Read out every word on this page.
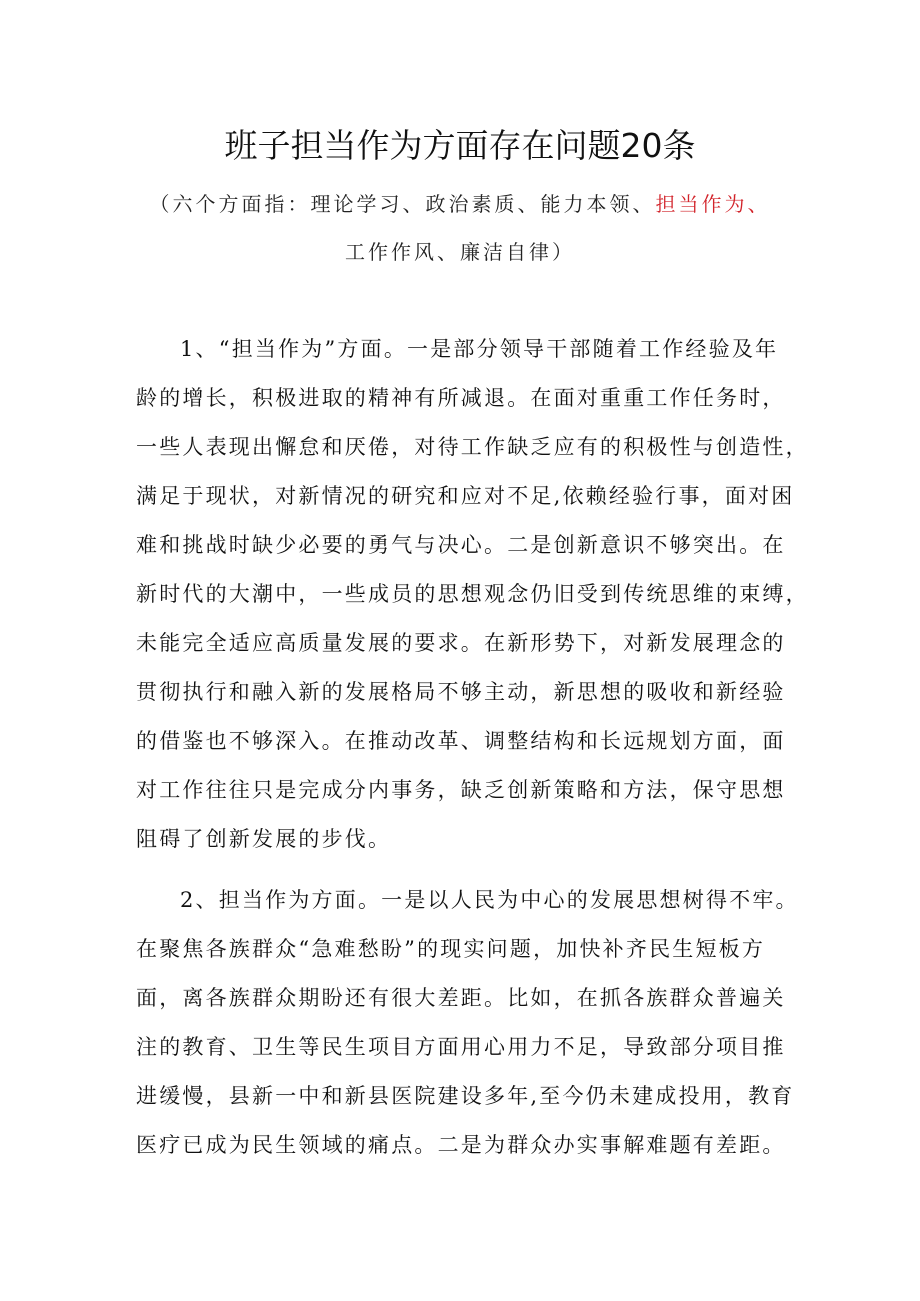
班子担当作为方面存在问题20条
（六个方面指：理论学习、政治素质、能力本领、担当作为、
工作作风、廉洁自律）
1、“担当作为”方面。一是部分领导干部随着工作经验及年
龄的增长，积极进取的精神有所减退。在面对重重工作任务时，
一些人表现出懈怠和厌倦，对待工作缺乏应有的积极性与创造性，
满足于现状，对新情况的研究和应对不足,依赖经验行事，面对困
难和挑战时缺少必要的勇气与决心。二是创新意识不够突出。在
新时代的大潮中，一些成员的思想观念仍旧受到传统思维的束缚，
未能完全适应高质量发展的要求。在新形势下，对新发展理念的
贯彻执行和融入新的发展格局不够主动，新思想的吸收和新经验
的借鉴也不够深入。在推动改革、调整结构和长远规划方面，面
对工作往往只是完成分内事务，缺乏创新策略和方法，保守思想
阻碍了创新发展的步伐。
2、担当作为方面。一是以人民为中心的发展思想树得不牢。
在聚焦各族群众“急难愁盼”的现实问题，加快补齐民生短板方
面，离各族群众期盼还有很大差距。比如，在抓各族群众普遍关
注的教育、卫生等民生项目方面用心用力不足，导致部分项目推
进缓慢，县新一中和新县医院建设多年,至今仍未建成投用，教育
医疗已成为民生领域的痛点。二是为群众办实事解难题有差距。
